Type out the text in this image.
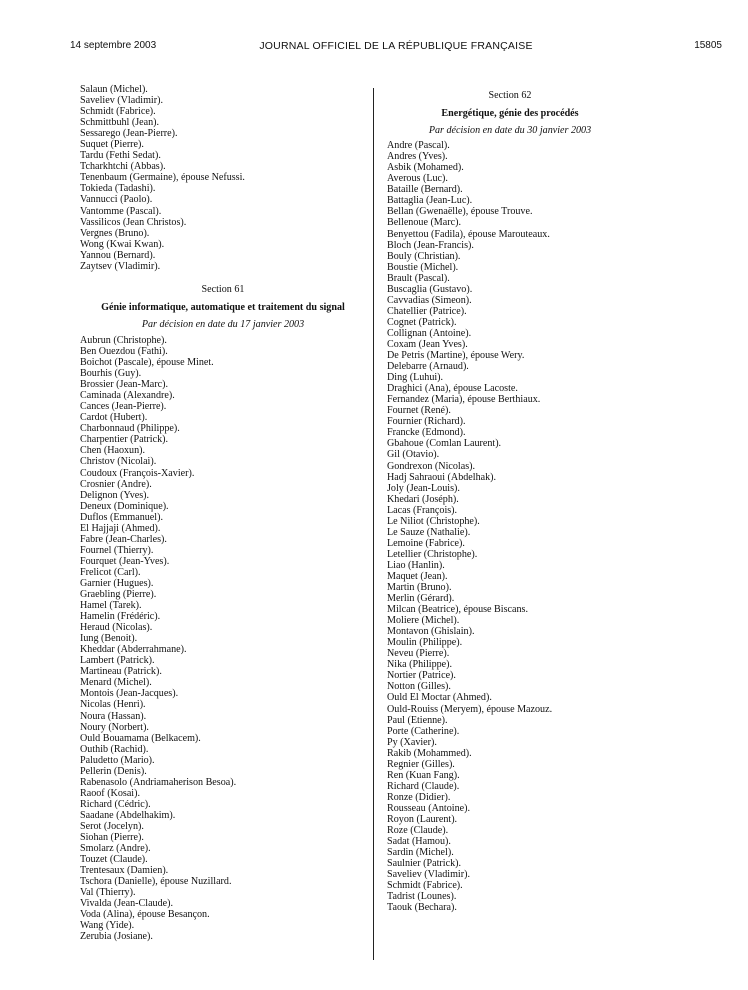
14 septembre 2003	JOURNAL OFFICIEL DE LA RÉPUBLIQUE FRANÇAISE	15805
Salaun (Michel).
Saveliev (Vladimir).
Schmidt (Fabrice).
Schmittbuhl (Jean).
Sessarego (Jean-Pierre).
Suquet (Pierre).
Tardu (Fethi Sedat).
Tcharkhtchi (Abbas).
Tenenbaum (Germaine), épouse Nefussi.
Tokieda (Tadashi).
Vannucci (Paolo).
Vantomme (Pascal).
Vassilicos (Jean Christos).
Vergnes (Bruno).
Wong (Kwai Kwan).
Yannou (Bernard).
Zaytsev (Vladimir).

Section 61

Génie informatique, automatique et traitement du signal

Par décision en date du 17 janvier 2003

Aubrun (Christophe).
Ben Ouezdou (Fathi).
Boichot (Pascale), épouse Minet.
Bourhis (Guy).
Brossier (Jean-Marc).
Caminada (Alexandre).
Cances (Jean-Pierre).
Cardot (Hubert).
Charbonnaud (Philippe).
Charpentier (Patrick).
Chen (Haoxun).
Christov (Nicolai).
Coudoux (François-Xavier).
Crosnier (Andre).
Delignon (Yves).
Deneux (Dominique).
Duflos (Emmanuel).
El Hajjaji (Ahmed).
Fabre (Jean-Charles).
Fournel (Thierry).
Fourquet (Jean-Yves).
Frelicot (Carl).
Garnier (Hugues).
Graebling (Pierre).
Hamel (Tarek).
Hamelin (Frédéric).
Heraud (Nicolas).
Iung (Benoit).
Kheddar (Abderrahmane).
Lambert (Patrick).
Martineau (Patrick).
Menard (Michel).
Montois (Jean-Jacques).
Nicolas (Henri).
Noura (Hassan).
Noury (Norbert).
Ould Bouamama (Belkacem).
Outhib (Rachid).
Paludetto (Mario).
Pellerin (Denis).
Rabenasolo (Andriamaherison Besoa).
Raoof (Kosai).
Richard (Cédric).
Saadane (Abdelhakim).
Serot (Jocelyn).
Siohan (Pierre).
Smolarz (Andre).
Touzet (Claude).
Trentesaux (Damien).
Tschora (Danielle), épouse Nuzillard.
Val (Thierry).
Vivalda (Jean-Claude).
Voda (Alina), épouse Besançon.
Wang (Yide).
Zerubia (Josiane).

Section 62

Energétique, génie des procédés

Par décision en date du 30 janvier 2003

Andre (Pascal).
Andres (Yves).
Asbik (Mohamed).
Averous (Luc).
Bataille (Bernard).
Battaglia (Jean-Luc).
Bellan (Gwenaëlle), épouse Trouve.
Bellenoue (Marc).
Benyettou (Fadila), épouse Marouteaux.
Bloch (Jean-Francis).
Bouly (Christian).
Boustie (Michel).
Brault (Pascal).
Buscaglia (Gustavo).
Cavvadias (Simeon).
Chatellier (Patrice).
Cognet (Patrick).
Collignan (Antoine).
Coxam (Jean Yves).
De Petris (Martine), épouse Wery.
Delebarre (Arnaud).
Ding (Luhui).
Draghici (Ana), épouse Lacoste.
Fernandez (Maria), épouse Berthiaux.
Fournet (René).
Fournier (Richard).
Francke (Edmond).
Gbahoue (Comlan Laurent).
Gil (Otavio).
Gondrexon (Nicolas).
Hadj Sahraoui (Abdelhak).
Joly (Jean-Louis).
Khedari (Joséph).
Lacas (François).
Le Niliot (Christophe).
Le Sauze (Nathalie).
Lemoine (Fabrice).
Letellier (Christophe).
Liao (Hanlin).
Maquet (Jean).
Martin (Bruno).
Merlin (Gérard).
Milcan (Beatrice), épouse Biscans.
Moliere (Michel).
Montavon (Ghislain).
Moulin (Philippe).
Neveu (Pierre).
Nika (Philippe).
Nortier (Patrice).
Notton (Gilles).
Ould El Moctar (Ahmed).
Ould-Rouiss (Meryem), épouse Mazouz.
Paul (Etienne).
Porte (Catherine).
Py (Xavier).
Rakib (Mohammed).
Regnier (Gilles).
Ren (Kuan Fang).
Richard (Claude).
Ronze (Didier).
Rousseau (Antoine).
Royon (Laurent).
Roze (Claude).
Sadat (Hamou).
Sardin (Michel).
Saulnier (Patrick).
Saveliev (Vladimir).
Schmidt (Fabrice).
Tadrist (Lounes).
Taouk (Bechara).
